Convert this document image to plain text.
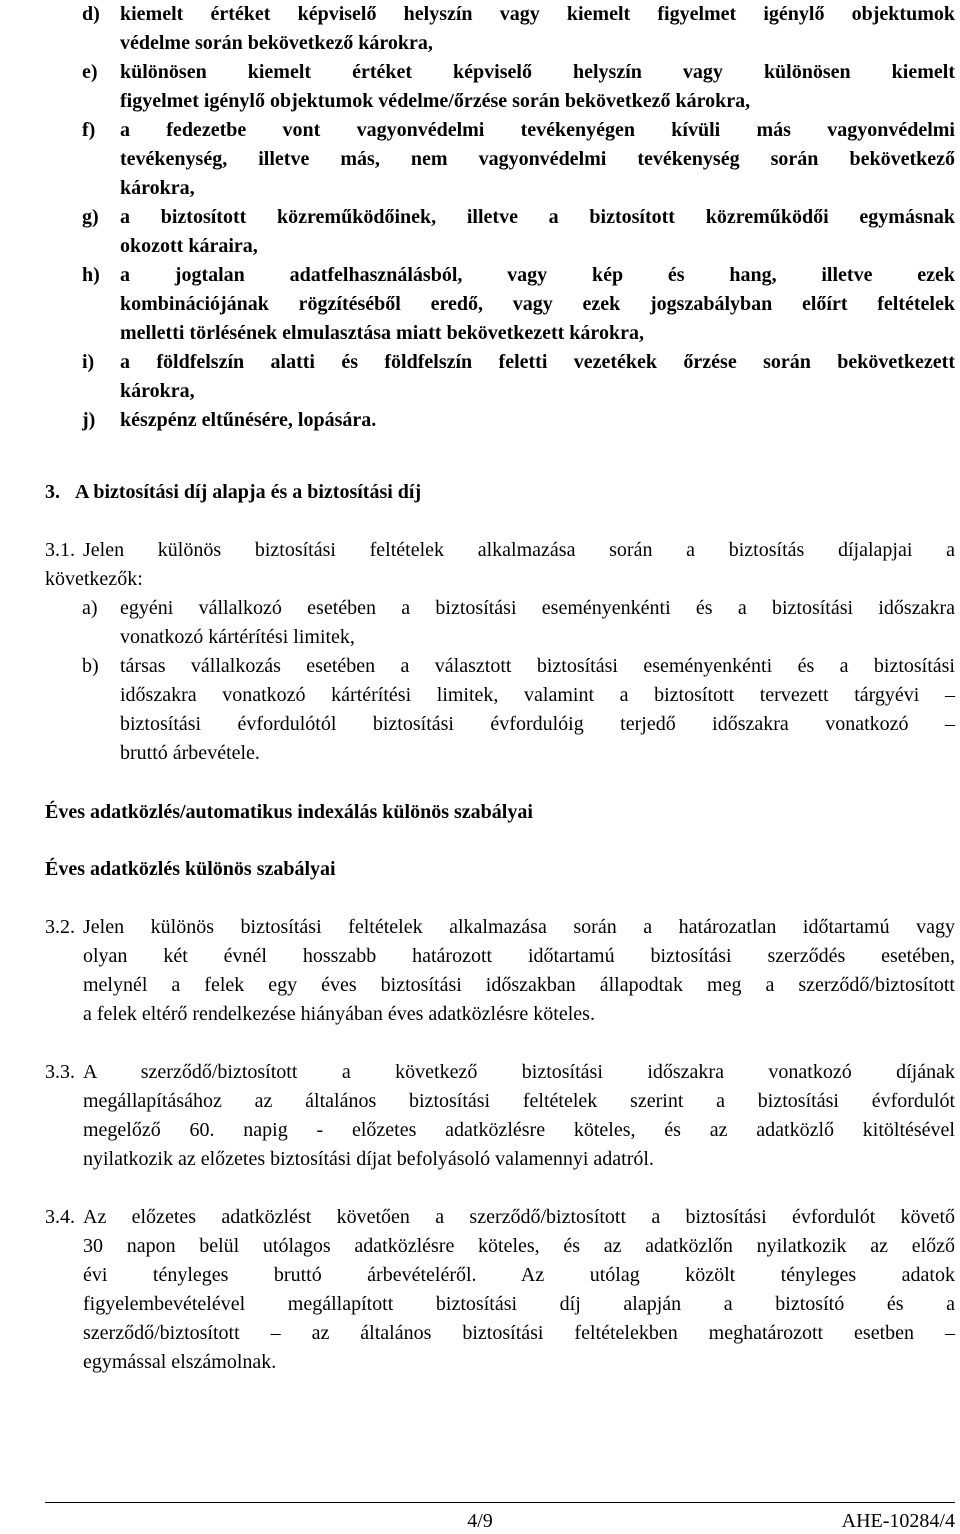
d)	kiemelt értéket képviselő helyszín vagy kiemelt figyelmet igénylő objektumok
védelme során bekövetkező károkra,
e)	különösen kiemelt értéket képviselő helyszín vagy különösen kiemelt
figyelmet igénylő objektumok védelme/őrzése során bekövetkező károkra,
f)	a fedezetbe vont vagyonvédelmi tevékenyégen kívüli más vagyonvédelmi
tevékenység, illetve más, nem vagyonvédelmi tevékenység során bekövetkező
károkra,
g)	a biztosított közreműködőinek, illetve a biztosított közreműködői egymásnak
okozott káraira,
h)	a jogtalan adatfelhasználásból, vagy kép és hang, illetve ezek
kombinációjának rögzítéséből eredő, vagy ezek jogszabályban előírt feltételek
melletti törlésének elmulasztása miatt bekövetkezett károkra,
i)	a földfelszín alatti és földfelszín feletti vezetékek őrzése során bekövetkezett
károkra,
j)	készpénz eltűnésére, lopására.
3. A biztosítási díj alapja és a biztosítási díj
3.1. Jelen különös biztosítási feltételek alkalmazása során a biztosítás díjalapjai a
következők:
a)	egyéni vállalkozó esetében a biztosítási eseményenkénti és a biztosítási időszakra
vonatkozó kártérítési limitek,
b)	társas vállalkozás esetében a választott biztosítási eseményenkénti és a biztosítási
időszakra vonatkozó kártérítési limitek, valamint a biztosított tervezett tárgyévi –
biztosítási évfordulótól biztosítási évfordulóig terjedő időszakra vonatkozó –
bruttó árbevétele.
Éves adatközlés/automatikus indexálás különös szabályai
Éves adatközlés különös szabályai
3.2. Jelen különös biztosítási feltételek alkalmazása során a határozatlan időtartamú vagy
olyan két évnél hosszabb határozott időtartamú biztosítási szerződés esetében,
melynél a felek egy éves biztosítási időszakban állapodtak meg a szerződő/biztosított
a felek eltérő rendelkezése hiányában éves adatközlésre köteles.
3.3. A szerződő/biztosított a következő biztosítási időszakra vonatkozó díjának
megállapításához az általános biztosítási feltételek szerint a biztosítási évfordulót
megelőző 60. napig - előzetes adatközlésre köteles, és az adatközlő kitöltésével
nyilatkozik az előzetes biztosítási díjat befolyásoló valamennyi adatról.
3.4. Az előzetes adatközlést követően a szerződő/biztosított a biztosítási évfordulót követő
30 napon belül utólagos adatközlésre köteles, és az adatközlőn nyilatkozik az előző
évi tényleges bruttó árbevételéről. Az utólag közölt tényleges adatok
figyelembevételével megállapított biztosítási díj alapján a biztosító és a
szerződő/biztosított – az általános biztosítási feltételekben meghatározott esetben –
egymással elszámolnak.
4/9	AHE-10284/4
